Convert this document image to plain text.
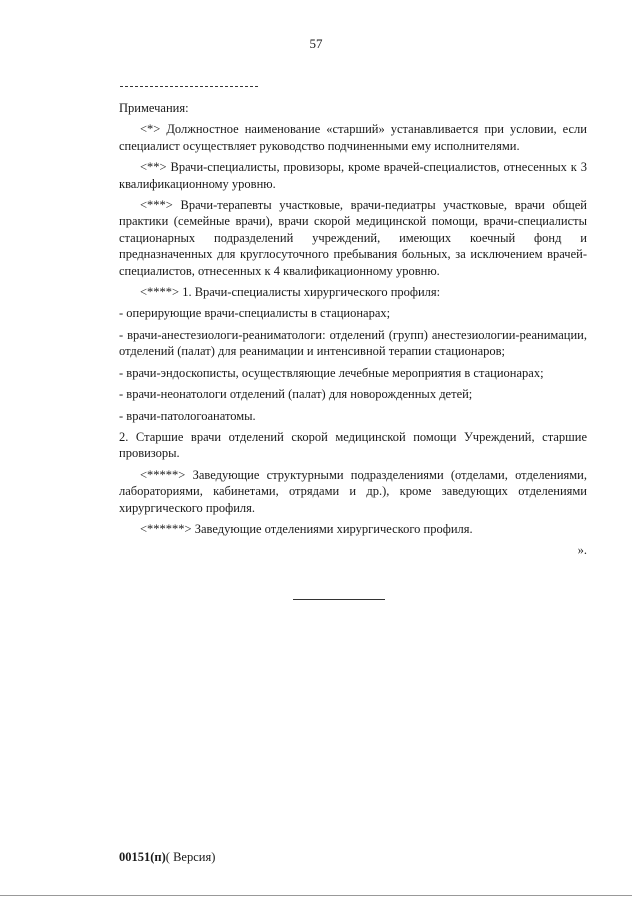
57

Примечания:

<*> Должностное наименование «старший» устанавливается при условии, если специалист осуществляет руководство подчиненными ему исполнителями.

<**> Врачи-специалисты, провизоры, кроме врачей-специалистов, отнесенных к 3 квалификационному уровню.

<***> Врачи-терапевты участковые, врачи-педиатры участковые, врачи общей практики (семейные врачи), врачи скорой медицинской помощи, врачи-специалисты стационарных подразделений учреждений, имеющих коечный фонд и предназначенных для круглосуточного пребывания больных, за исключением врачей-специалистов, отнесенных к 4 квалификационному уровню.

<****> 1. Врачи-специалисты хирургического профиля:

- оперирующие врачи-специалисты в стационарах;

- врачи-анестезиологи-реаниматологи: отделений (групп) анестезиологии-реанимации, отделений (палат) для реанимации и интенсивной терапии стационаров;

- врачи-эндоскописты, осуществляющие лечебные мероприятия в стационарах;

- врачи-неонатологи отделений (палат) для новорожденных детей;

- врачи-патологоанатомы.

2. Старшие врачи отделений скорой медицинской помощи Учреждений, старшие провизоры.

<*****> Заведующие структурными подразделениями (отделами, отделениями, лабораториями, кабинетами, отрядами и др.), кроме заведующих отделениями хирургического профиля.

<******> Заведующие отделениями хирургического профиля.

».

00151(п)( Версия)
